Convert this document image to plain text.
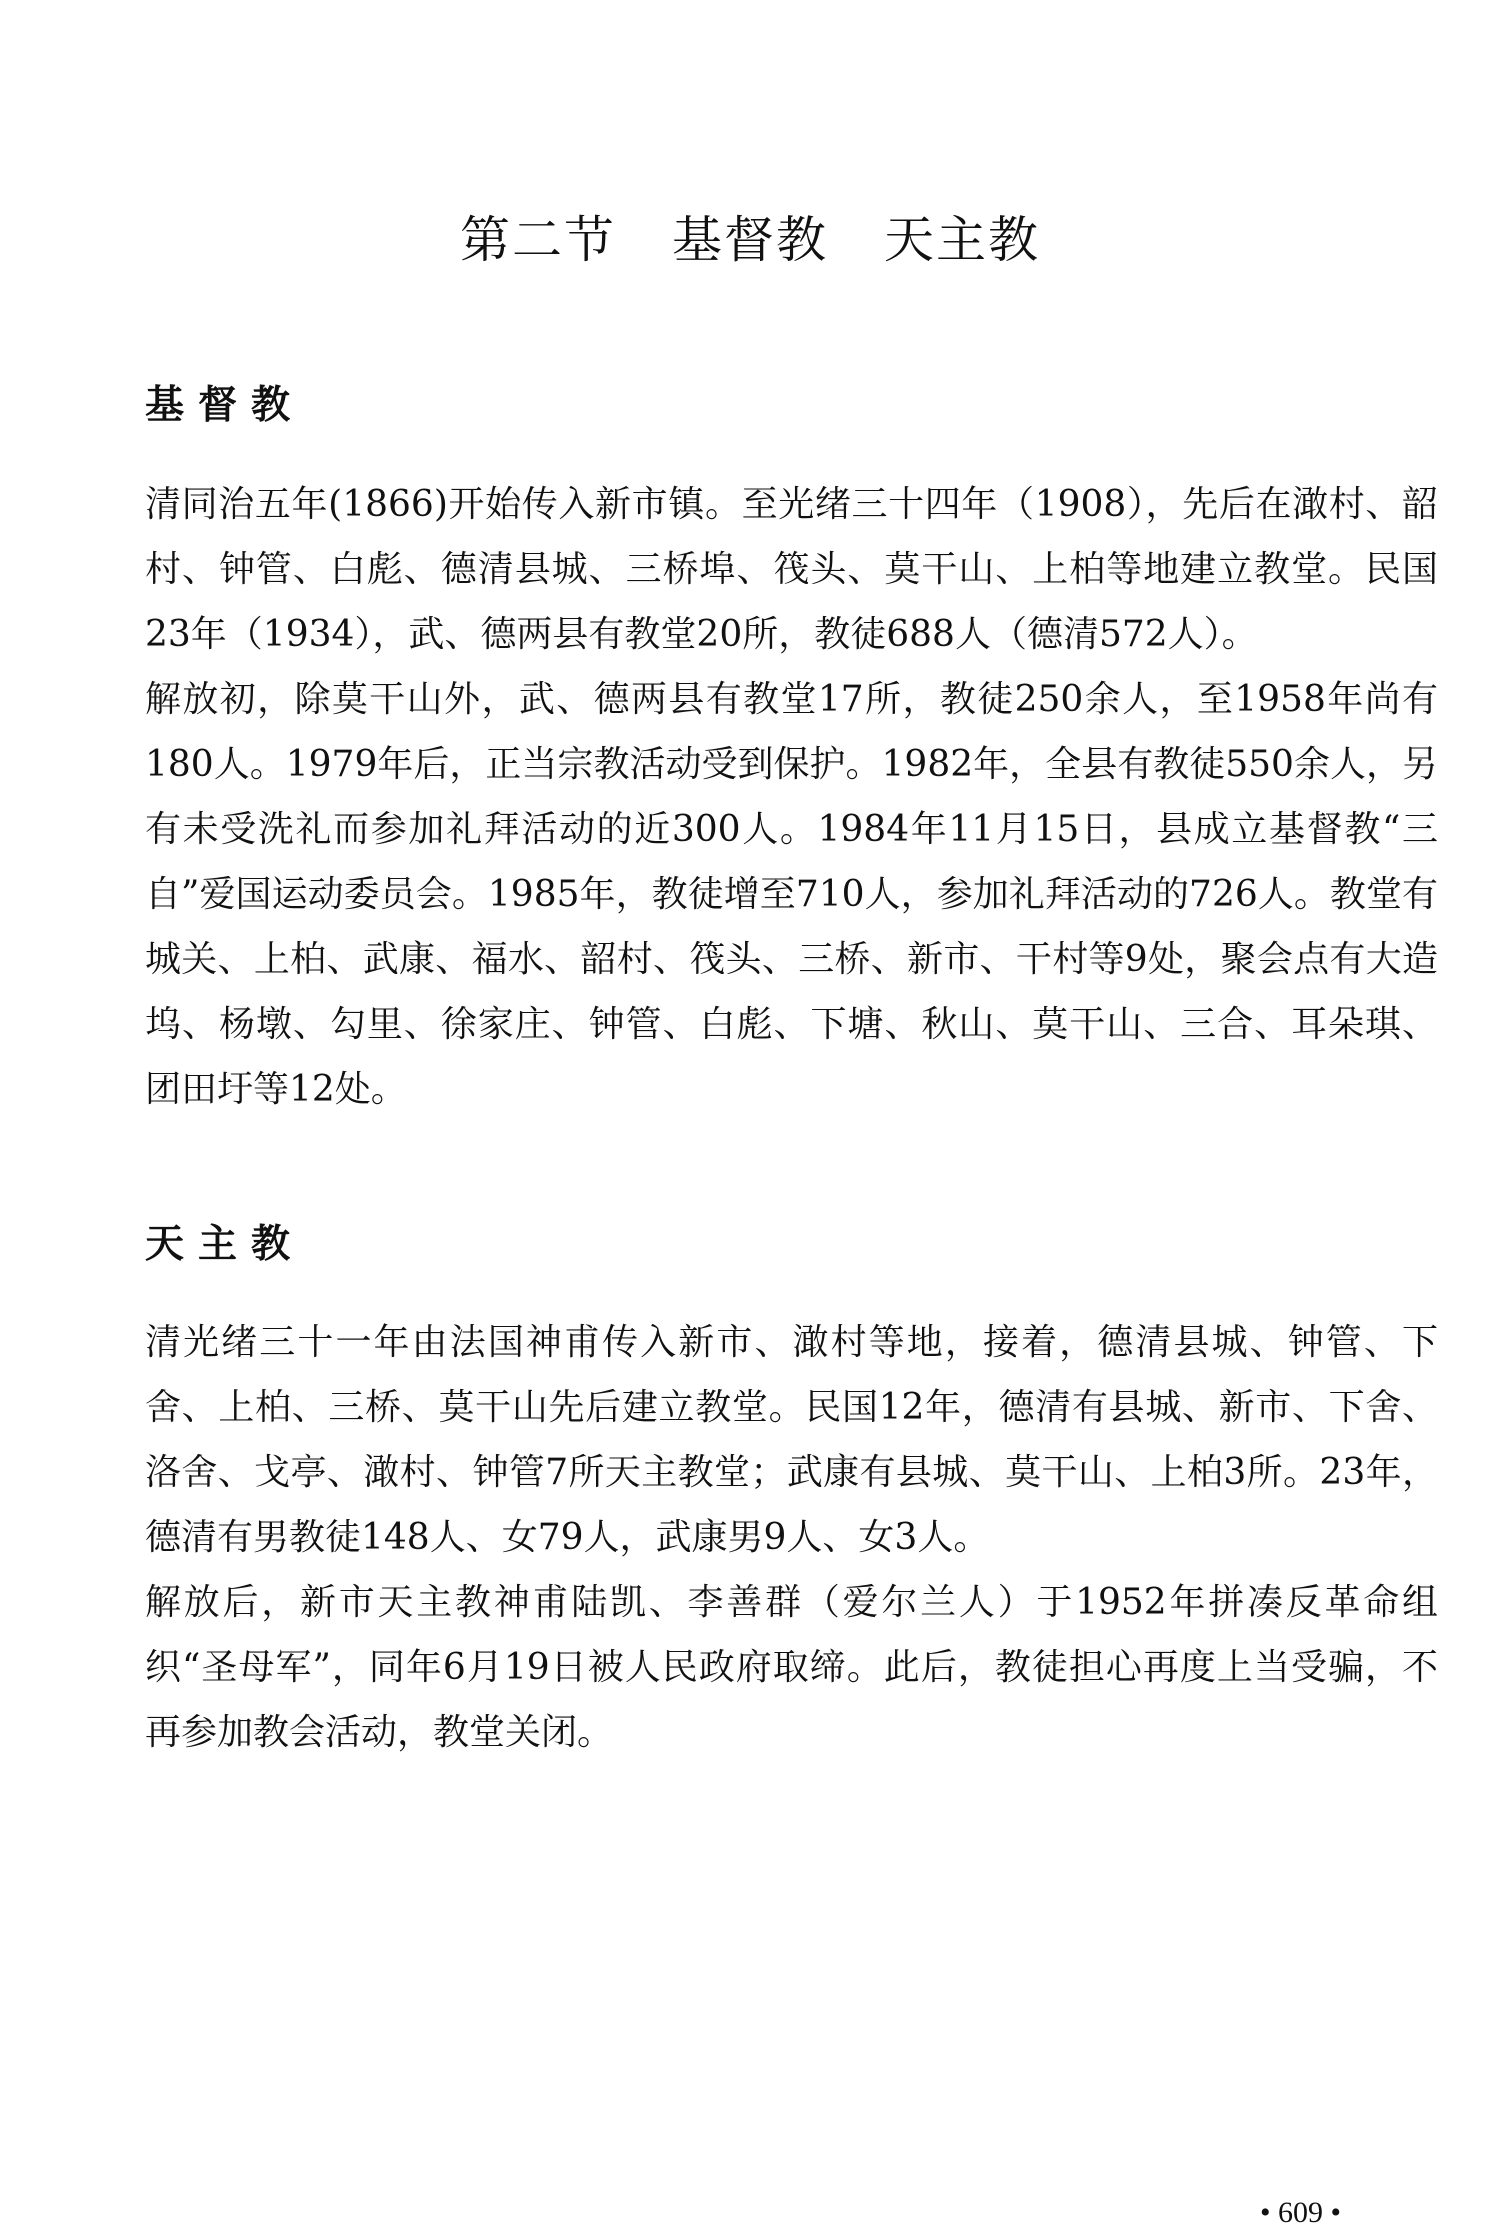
第二节 基督教 天主教
基督教

清同治五年(1866)开始传入新市镇。至光绪三十四年（1908），先后在澉村、韶村、钟管、白彪、德清县城、三桥埠、筏头、莫干山、上柏等地建立教堂。民国23年（1934），武、德两县有教堂20所，教徒688人（德清572人）。

解放初，除莫干山外，武、德两县有教堂17所，教徒250余人，至1958年尚有180人。1979年后，正当宗教活动受到保护。1982年，全县有教徒550余人，另有未受洗礼而参加礼拜活动的近300人。1984年11月15日，县成立基督教“三自”爱国运动委员会。1985年，教徒增至710人，参加礼拜活动的726人。教堂有城关、上柏、武康、福水、韶村、筏头、三桥、新市、干村等9处，聚会点有大造坞、杨墩、勾里、徐家庄、钟管、白彪、下塘、秋山、莫干山、三合、耳朵琪、团田圩等12处。

天主教

清光绪三十一年由法国神甫传入新市、澉村等地，接着，德清县城、钟管、下舍、上柏、三桥、莫干山先后建立教堂。民国12年，德清有县城、新市、下舍、洛舍、戈亭、澉村、钟管7所天主教堂；武康有县城、莫干山、上柏3所。23年，德清有男教徒148人、女79人，武康男9人、女3人。

解放后，新市天主教神甫陆凯、李善群（爱尔兰人）于1952年拼凑反革命组织“圣母军”，同年6月19日被人民政府取缔。此后，教徒担心再度上当受骗，不再参加教会活动，教堂关闭。

• 609 •
